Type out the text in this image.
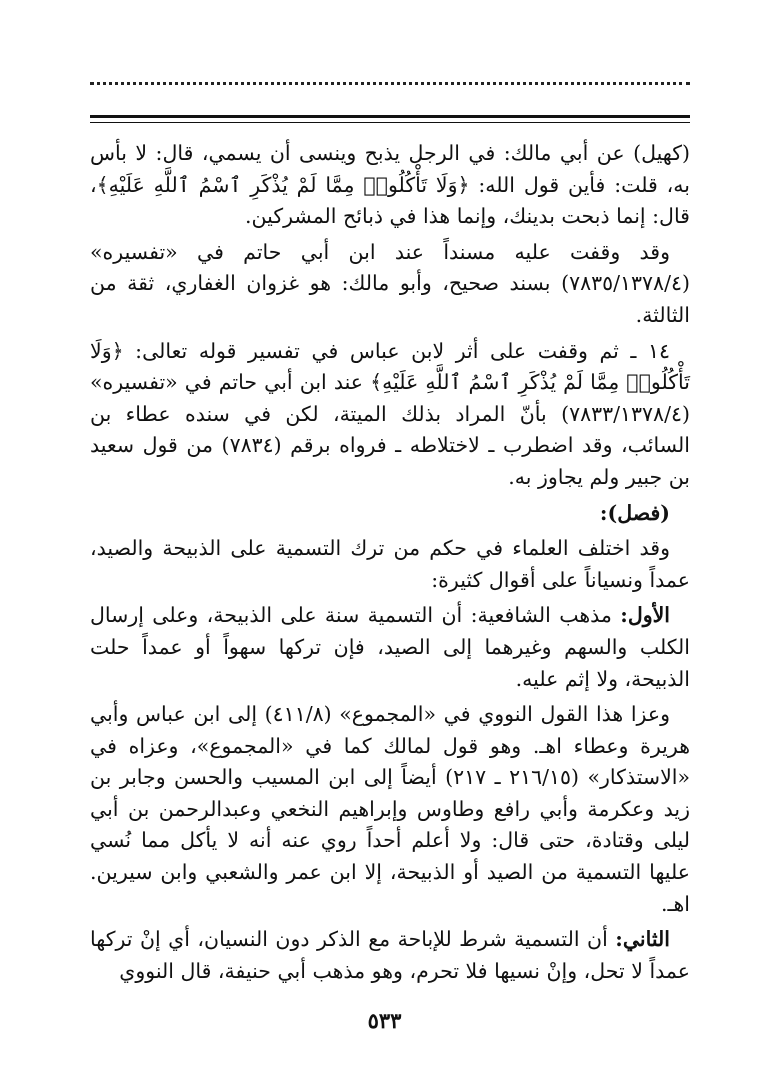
(كهيل) عن أبي مالك: في الرجل يذبح وينسى أن يسمي، قال: لا بأس به، قلت: فأين قول الله: ﴿وَلَا تَأْكُلُوا۟ مِمَّا لَمْ يُذْكَرِ ٱسْمُ ٱللَّهِ عَلَيْهِ﴾، قال: إنما ذبحت بدينك، وإنما هذا في ذبائح المشركين.

وقد وقفت عليه مسنداً عند ابن أبي حاتم في «تفسيره» (٧٨٣٥/١٣٧٨/٤) بسند صحيح، وأبو مالك: هو غزوان الغفاري، ثقة من الثالثة.

١٤ ـ ثم وقفت على أثر لابن عباس في تفسير قوله تعالى: ﴿وَلَا تَأْكُلُوا۟ مِمَّا لَمْ يُذْكَرِ ٱسْمُ ٱللَّهِ عَلَيْهِ﴾ عند ابن أبي حاتم في «تفسيره» (٧٨٣٣/١٣٧٨/٤) بأنّ المراد بذلك الميتة، لكن في سنده عطاء بن السائب، وقد اضطرب ـ لاختلاطه ـ فرواه برقم (٧٨٣٤) من قول سعيد بن جبير ولم يجاوز به.

(فصل):

وقد اختلف العلماء في حكم من ترك التسمية على الذبيحة والصيد، عمداً ونسياناً على أقوال كثيرة:

الأول: مذهب الشافعية: أن التسمية سنة على الذبيحة، وعلى إرسال الكلب والسهم وغيرهما إلى الصيد، فإن تركها سهواً أو عمداً حلت الذبيحة، ولا إثم عليه.

وعزا هذا القول النووي في «المجموع» (٤١١/٨) إلى ابن عباس وأبي هريرة وعطاء اهـ. وهو قول لمالك كما في «المجموع»، وعزاه في «الاستذكار» (٢١٦/١٥ ـ ٢١٧) أيضاً إلى ابن المسيب والحسن وجابر بن زيد وعكرمة وأبي رافع وطاوس وإبراهيم النخعي وعبدالرحمن بن أبي ليلى وقتادة، حتى قال: ولا أعلم أحداً روي عنه أنه لا يأكل مما نُسي عليها التسمية من الصيد أو الذبيحة، إلا ابن عمر والشعبي وابن سيرين. اهـ.

الثاني: أن التسمية شرط للإباحة مع الذكر دون النسيان، أي إنْ تركها عمداً لا تحل، وإنْ نسيها فلا تحرم، وهو مذهب أبي حنيفة، قال النووي

٥٣٣
